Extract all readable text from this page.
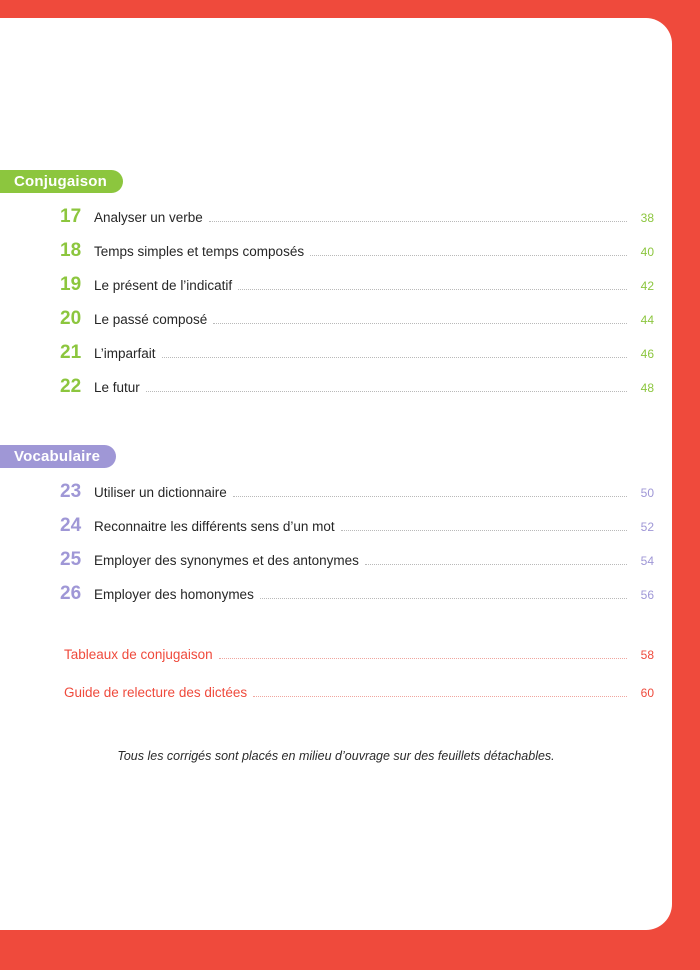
Conjugaison
17 Analyser un verbe	38
18 Temps simples et temps composés	40
19 Le présent de l’indicatif	42
20 Le passé composé	44
21 L’imparfait	46
22 Le futur	48
Vocabulaire
23 Utiliser un dictionnaire	50
24 Reconnaitre les différents sens d’un mot	52
25 Employer des synonymes et des antonymes	54
26 Employer des homonymes	56
Tableaux de conjugaison	58
Guide de relecture des dictées	60
Tous les corrigés sont placés en milieu d’ouvrage sur des feuillets détachables.
